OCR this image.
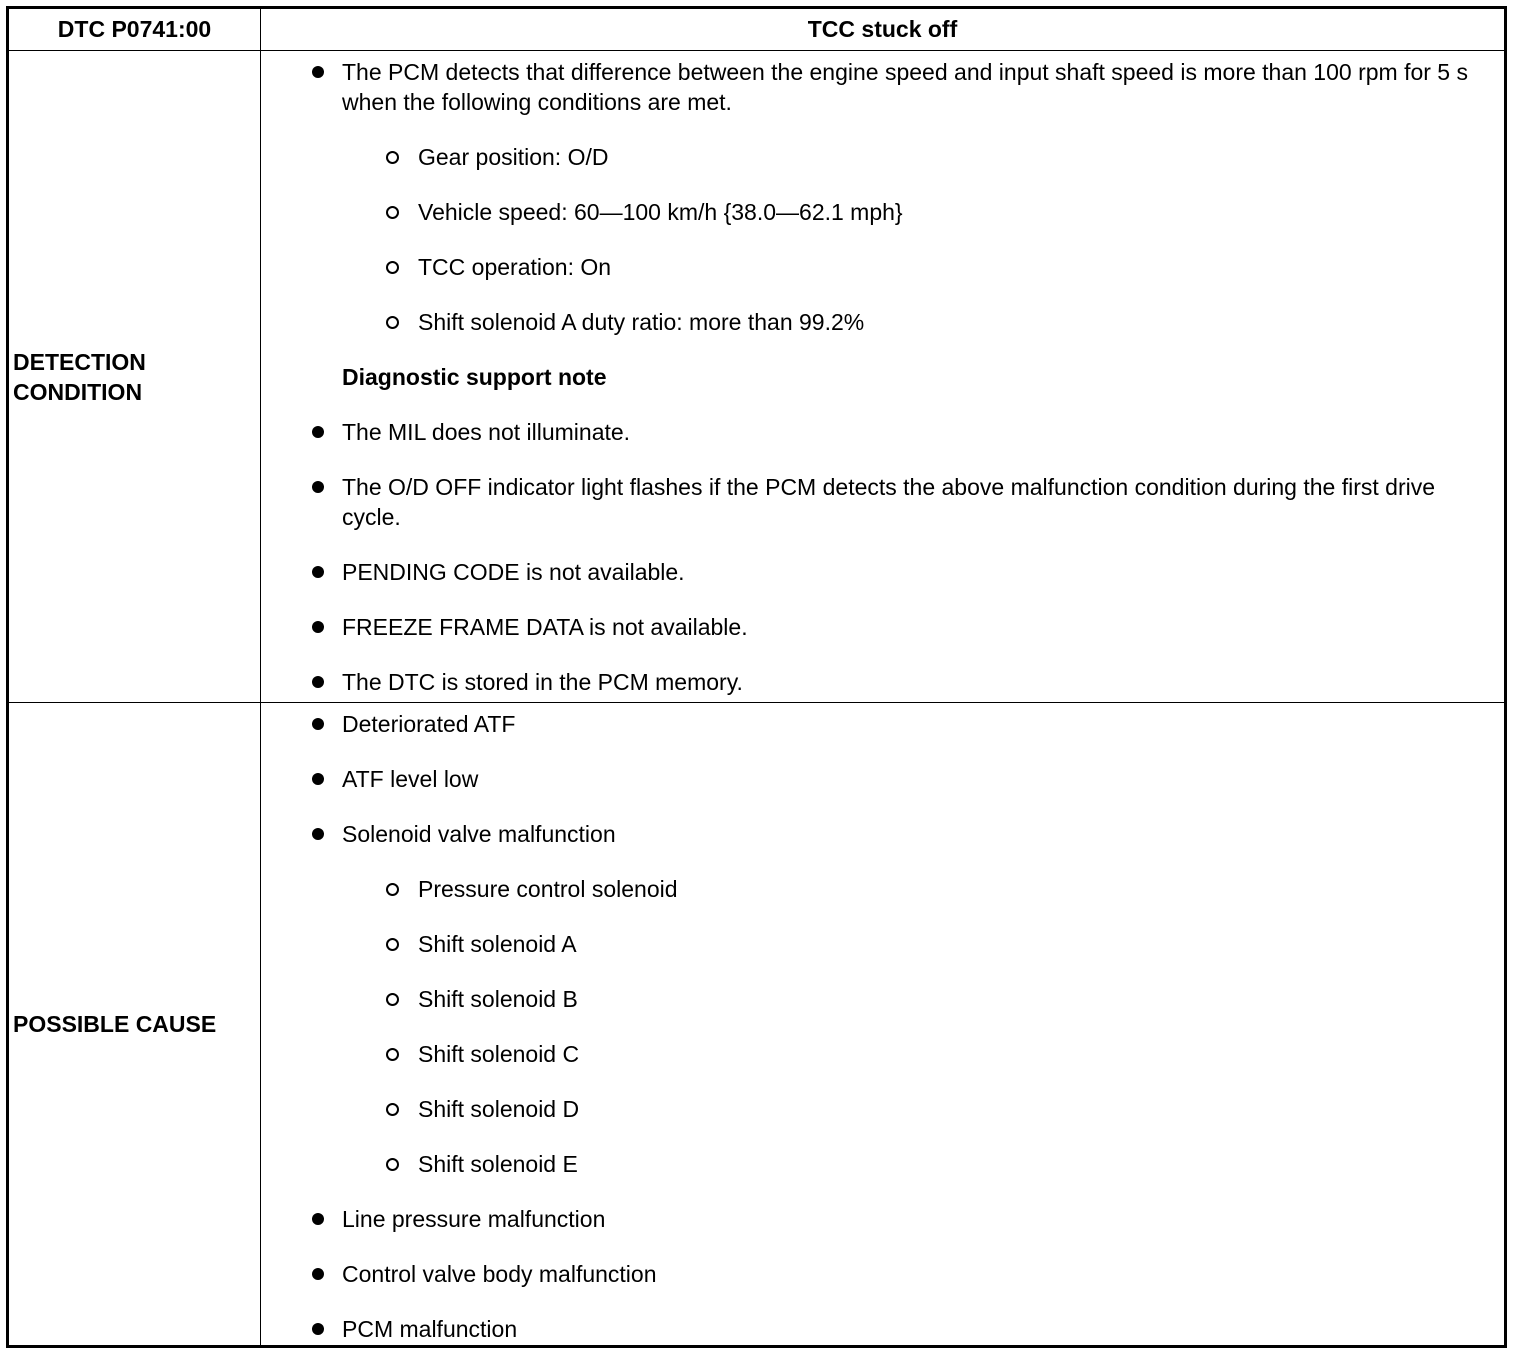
DTC P0741:00	TCC stuck off
DETECTION
CONDITION
The PCM detects that difference between the engine speed and input shaft speed is more than 100 rpm for 5 s when the following conditions are met.
Gear position: O/D
Vehicle speed: 60—100 km/h {38.0—62.1 mph}
TCC operation: On
Shift solenoid A duty ratio: more than 99.2%
Diagnostic support note
The MIL does not illuminate.
The O/D OFF indicator light flashes if the PCM detects the above malfunction condition during the first drive cycle.
PENDING CODE is not available.
FREEZE FRAME DATA is not available.
The DTC is stored in the PCM memory.
POSSIBLE CAUSE
Deteriorated ATF
ATF level low
Solenoid valve malfunction
Pressure control solenoid
Shift solenoid A
Shift solenoid B
Shift solenoid C
Shift solenoid D
Shift solenoid E
Line pressure malfunction
Control valve body malfunction
PCM malfunction
